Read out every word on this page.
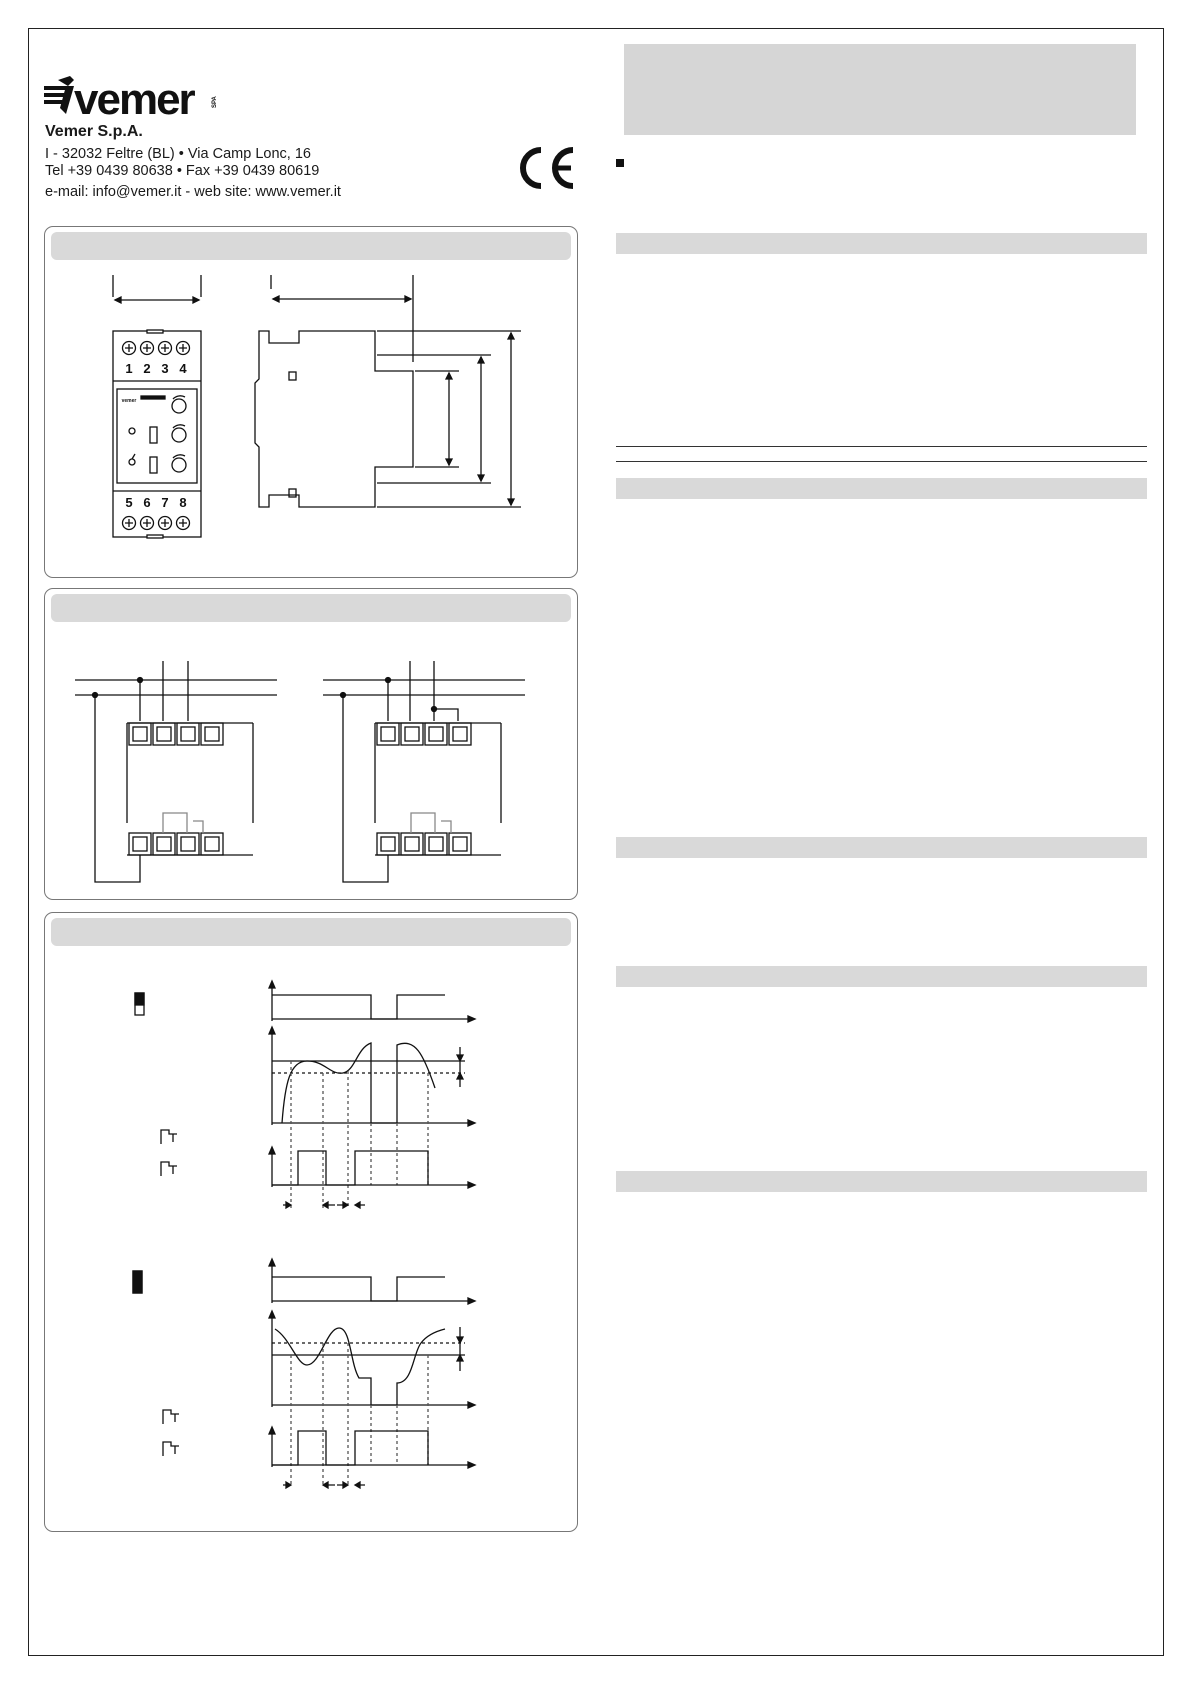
vemer	SPA
Vemer S.p.A.
I - 32032 Feltre (BL) • Via Camp Lonc, 16
Tel +39 0439 80638 • Fax +39 0439 80619
e-mail: info@vemer.it - web site: www.vemer.it
1 2 3 4
5 6 7 8
vemer
